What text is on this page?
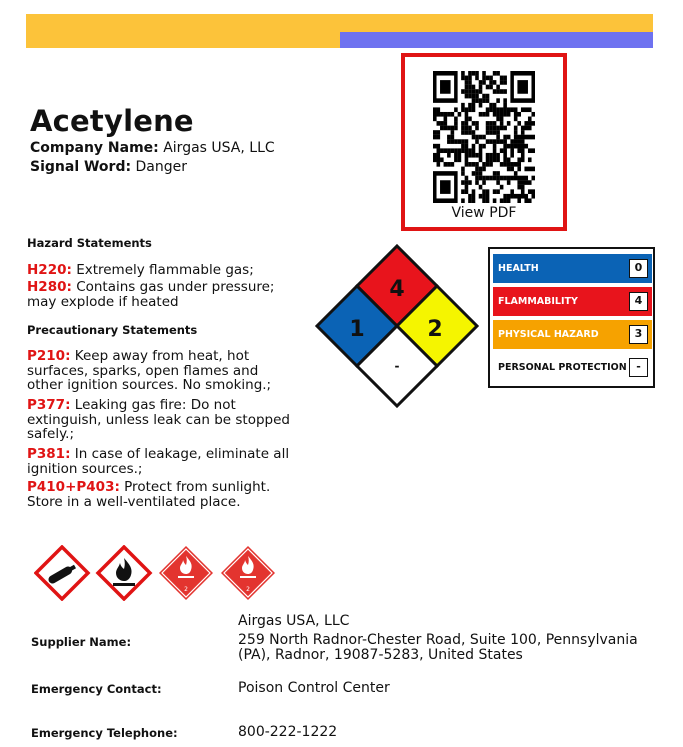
Acetylene
Company Name: Airgas USA, LLC
Signal Word: Danger
View PDF
Hazard Statements
H220: Extremely flammable gas;
H280: Contains gas under pressure; may explode if heated
Precautionary Statements
P210: Keep away from heat, hot surfaces, sparks, open flames and other ignition sources. No smoking.;
P377: Leaking gas fire: Do not extinguish, unless leak can be stopped safely.;
P381: In case of leakage, eliminate all ignition sources.;
P410+P403: Protect from sunlight. Store in a well-ventilated place.
4
1	2
-
HEALTH	0
FLAMMABILITY	4
PHYSICAL HAZARD	3
PERSONAL PROTECTION -
2	2
Supplier Name:
Airgas USA, LLC
259 North Radnor-Chester Road, Suite 100, Pennsylvania (PA), Radnor, 19087-5283, United States
Emergency Contact:	Poison Control Center
Emergency Telephone:	800-222-1222
